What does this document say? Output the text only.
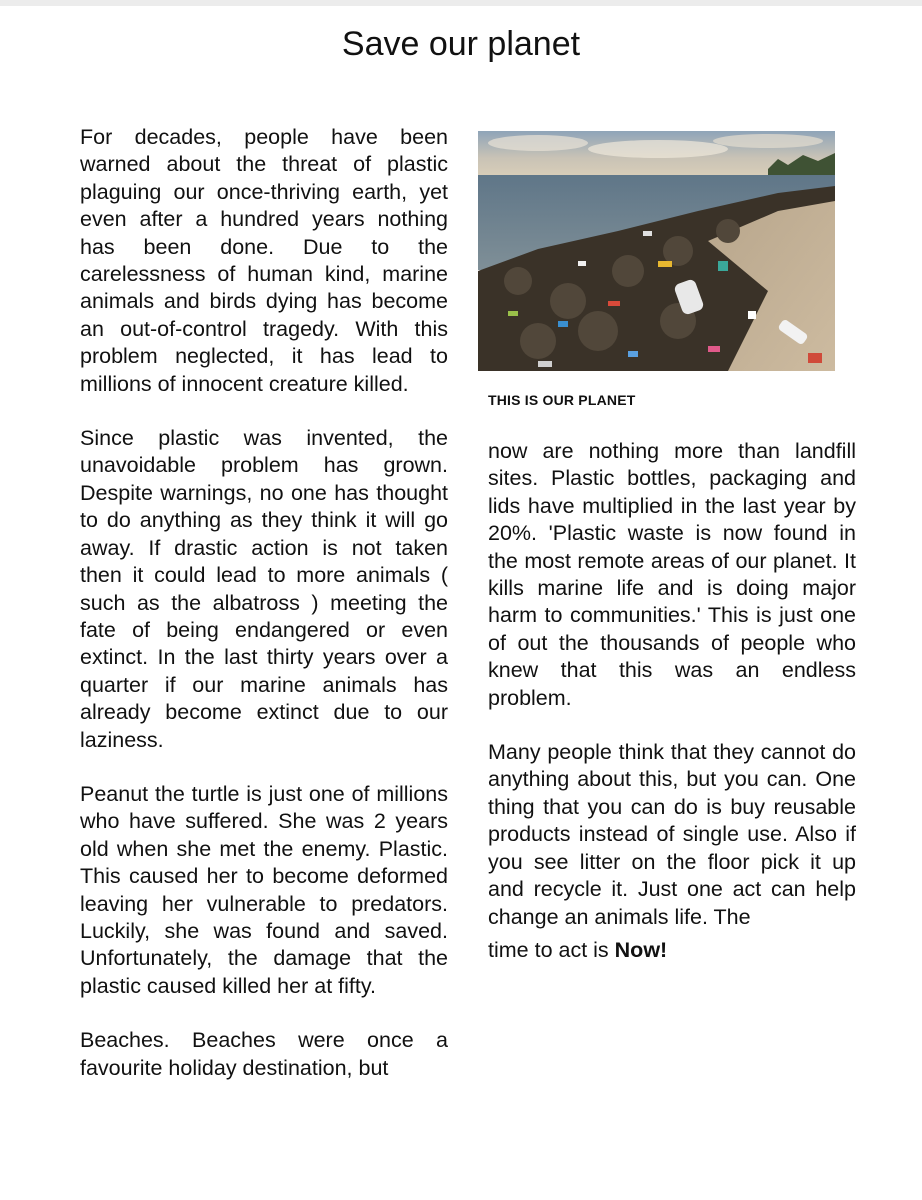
Save our planet

For decades, people have been warned about the threat of plastic plaguing our once-thriving earth, yet even after a hundred years nothing has been done. Due to the carelessness of human kind, marine animals and birds dying has become an out-of-control tragedy. With this problem neglected, it has lead to millions of innocent creature killed.

Since plastic was invented, the unavoidable problem has grown. Despite warnings, no one has thought to do anything as they think it will go away. If drastic action is not taken then it could lead to more animals ( such as the albatross ) meeting the fate of being endangered or even extinct. In the last thirty years over a quarter if our marine animals has already become extinct due to our laziness.

Peanut the turtle is just one of millions who have suffered. She was 2 years old when she met the enemy. Plastic. This caused her to become deformed leaving her vulnerable to predators. Luckily, she was found and saved. Unfortunately, the damage that the plastic caused killed her at fifty.

Beaches. Beaches were once a favourite holiday destination, but

THIS IS OUR PLANET

now are nothing more than landfill sites. Plastic bottles, packaging and lids have multiplied in the last year by 20%. 'Plastic waste is now found in the most remote areas of our planet. It kills marine life and is doing major harm to communities.' This is just one of out the thousands of people who knew that this was an endless problem.

Many people think that they cannot do anything about this, but you can. One thing that you can do is buy reusable products instead of single use. Also if you see litter on the floor pick it up and recycle it. Just one act can help change an animals life. The

time to act is Now!
